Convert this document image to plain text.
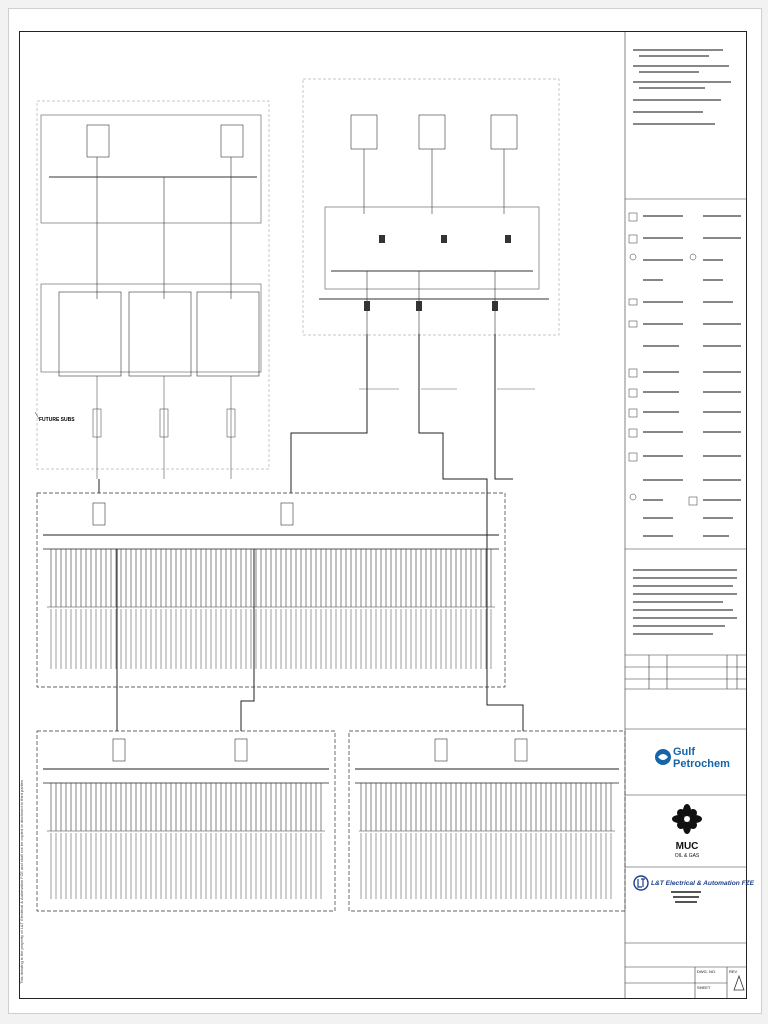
FUTURE SUBS
This drawing is the property of L&T Electrical & Automation FZE and shall not be copied or disclosed to third parties
Gulf
Petrochem
MUC
OIL & GAS
L&T Electrical & Automation FZE
DWG. NO.
SHEET
REV
